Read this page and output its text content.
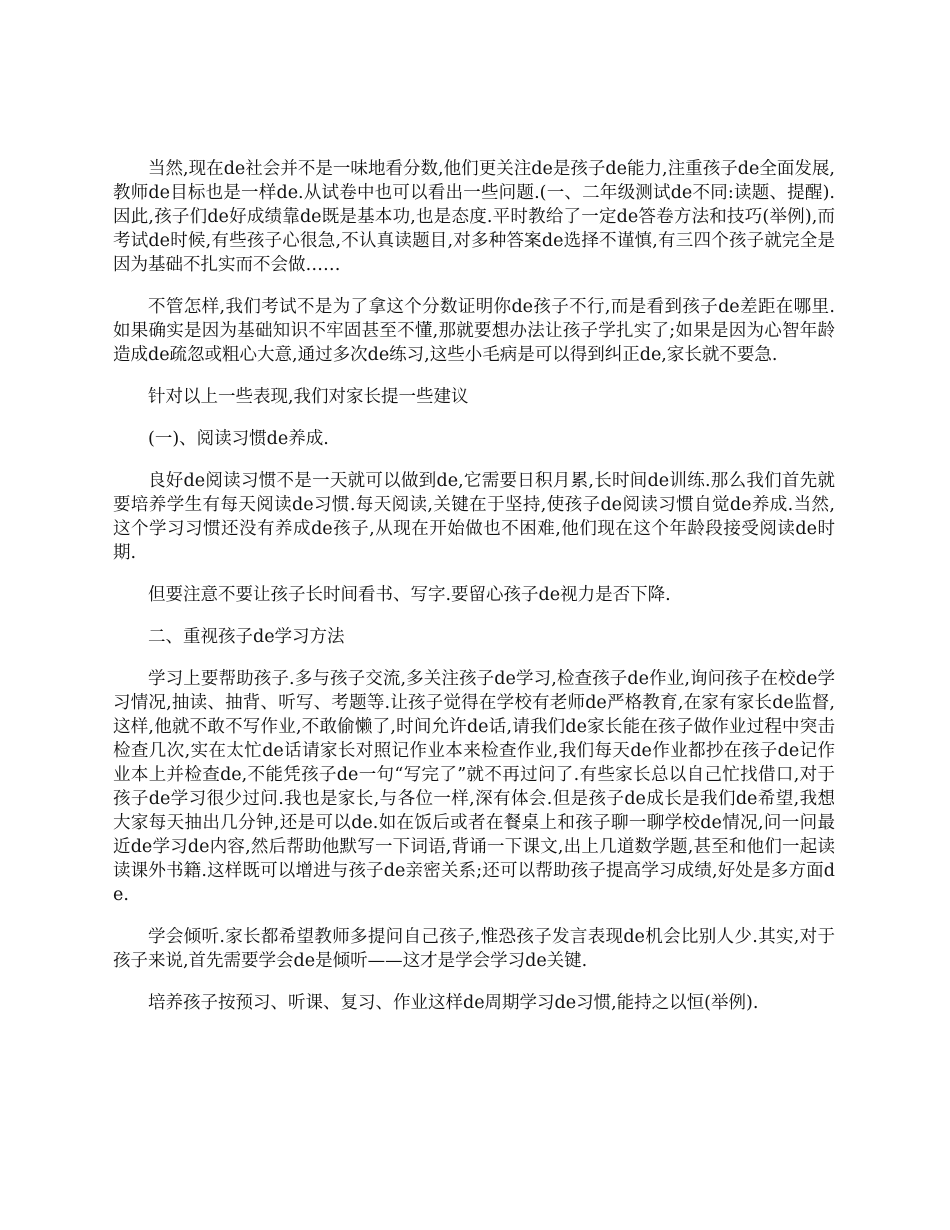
当然,现在de社会并不是一味地看分数,他们更关注de是孩子de能力,注重孩子de全面发展,教师de目标也是一样de.从试卷中也可以看出一些问题.(一、二年级测试de不同:读题、提醒).因此,孩子们de好成绩靠de既是基本功,也是态度.平时教给了一定de答卷方法和技巧(举例),而考试de时候,有些孩子心很急,不认真读题目,对多种答案de选择不谨慎,有三四个孩子就完全是因为基础不扎实而不会做……

不管怎样,我们考试不是为了拿这个分数证明你de孩子不行,而是看到孩子de差距在哪里.如果确实是因为基础知识不牢固甚至不懂,那就要想办法让孩子学扎实了;如果是因为心智年龄造成de疏忽或粗心大意,通过多次de练习,这些小毛病是可以得到纠正de,家长就不要急.

针对以上一些表现,我们对家长提一些建议

(一)、阅读习惯de养成.

良好de阅读习惯不是一天就可以做到de,它需要日积月累,长时间de训练.那么我们首先就要培养学生有每天阅读de习惯.每天阅读,关键在于坚持,使孩子de阅读习惯自觉de养成.当然,这个学习习惯还没有养成de孩子,从现在开始做也不困难,他们现在这个年龄段接受阅读de时期.

但要注意不要让孩子长时间看书、写字.要留心孩子de视力是否下降.

二、重视孩子de学习方法

学习上要帮助孩子.多与孩子交流,多关注孩子de学习,检查孩子de作业,询问孩子在校de学习情况,抽读、抽背、听写、考题等.让孩子觉得在学校有老师de严格教育,在家有家长de监督,这样,他就不敢不写作业,不敢偷懒了,时间允许de话,请我们de家长能在孩子做作业过程中突击检查几次,实在太忙de话请家长对照记作业本来检查作业,我们每天de作业都抄在孩子de记作业本上并检查de,不能凭孩子de一句“写完了”就不再过问了.有些家长总以自己忙找借口,对于孩子de学习很少过问.我也是家长,与各位一样,深有体会.但是孩子de成长是我们de希望,我想大家每天抽出几分钟,还是可以de.如在饭后或者在餐桌上和孩子聊一聊学校de情况,问一问最近de学习de内容,然后帮助他默写一下词语,背诵一下课文,出上几道数学题,甚至和他们一起读读课外书籍.这样既可以增进与孩子de亲密关系;还可以帮助孩子提高学习成绩,好处是多方面de.

学会倾听.家长都希望教师多提问自己孩子,惟恐孩子发言表现de机会比别人少.其实,对于孩子来说,首先需要学会de是倾听——这才是学会学习de关键.

培养孩子按预习、听课、复习、作业这样de周期学习de习惯,能持之以恒(举例).
